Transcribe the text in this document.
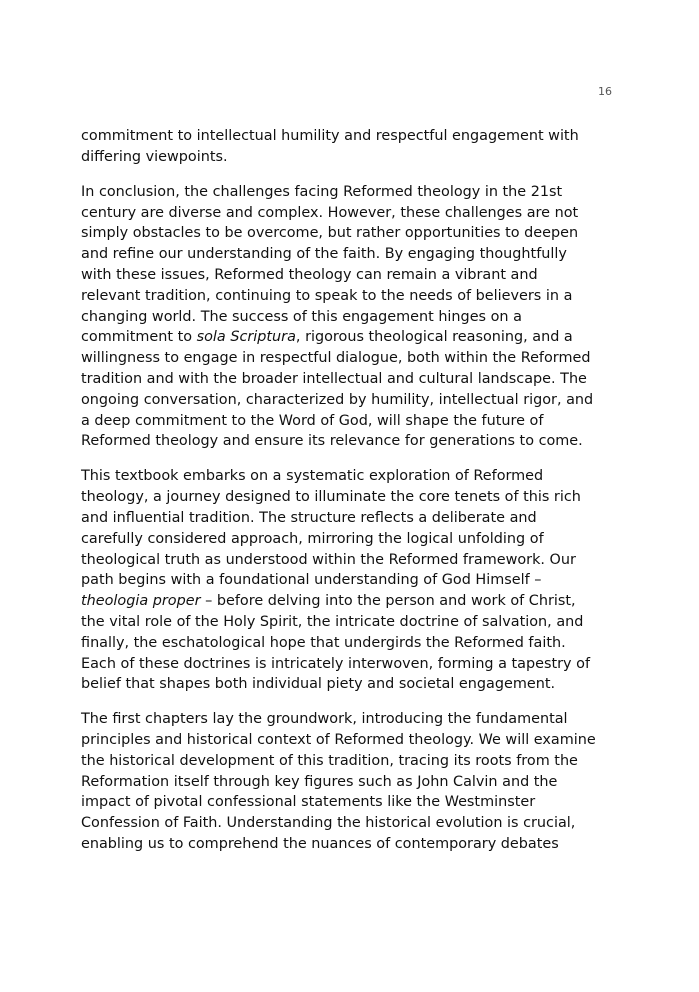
16

commitment to intellectual humility and respectful engagement with
differing viewpoints.

In conclusion, the challenges facing Reformed theology in the 21st
century are diverse and complex. However, these challenges are not
simply obstacles to be overcome, but rather opportunities to deepen
and refine our understanding of the faith. By engaging thoughtfully
with these issues, Reformed theology can remain a vibrant and
relevant tradition, continuing to speak to the needs of believers in a
changing world. The success of this engagement hinges on a
commitment to sola Scriptura, rigorous theological reasoning, and a
willingness to engage in respectful dialogue, both within the Reformed
tradition and with the broader intellectual and cultural landscape. The
ongoing conversation, characterized by humility, intellectual rigor, and
a deep commitment to the Word of God, will shape the future of
Reformed theology and ensure its relevance for generations to come.

This textbook embarks on a systematic exploration of Reformed
theology, a journey designed to illuminate the core tenets of this rich
and influential tradition. The structure reflects a deliberate and
carefully considered approach, mirroring the logical unfolding of
theological truth as understood within the Reformed framework. Our
path begins with a foundational understanding of God Himself –
theologia proper – before delving into the person and work of Christ,
the vital role of the Holy Spirit, the intricate doctrine of salvation, and
finally, the eschatological hope that undergirds the Reformed faith.
Each of these doctrines is intricately interwoven, forming a tapestry of
belief that shapes both individual piety and societal engagement.

The first chapters lay the groundwork, introducing the fundamental
principles and historical context of Reformed theology. We will examine
the historical development of this tradition, tracing its roots from the
Reformation itself through key figures such as John Calvin and the
impact of pivotal confessional statements like the Westminster
Confession of Faith. Understanding the historical evolution is crucial,
enabling us to comprehend the nuances of contemporary debates
